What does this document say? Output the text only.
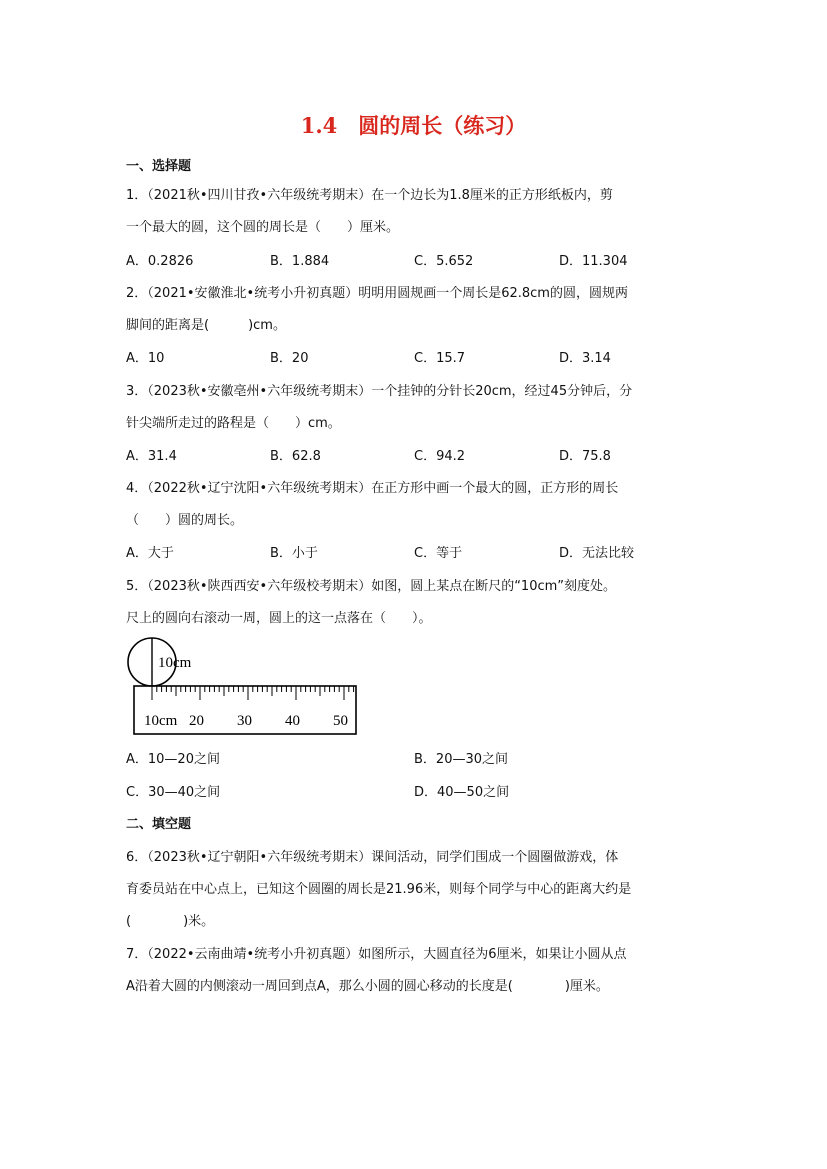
1.4　圆的周长（练习）
一、选择题
1．（2021秋•四川甘孜•六年级统考期末）在一个边长为1.8厘米的正方形纸板内，剪
一个最大的圆，这个圆的周长是（　　）厘米。
A．0.2826	B．1.884	C．5.652	D．11.304
2．（2021•安徽淮北•统考小升初真题）明明用圆规画一个周长是62.8cm的圆，圆规两
脚间的距离是(　　　)cm。
A．10	B．20	C．15.7	D．3.14
3．（2023秋•安徽亳州•六年级统考期末）一个挂钟的分针长20cm，经过45分钟后，分
针尖端所走过的路程是（　　）cm。
A．31.4	B．62.8	C．94.2	D．75.8
4．（2022秋•辽宁沈阳•六年级统考期末）在正方形中画一个最大的圆，正方形的周长
（　　）圆的周长。
A．大于	B．小于	C．等于	D．无法比较
5．（2023秋•陕西西安•六年级校考期末）如图，圆上某点在断尺的“10cm”刻度处。
尺上的圆向右滚动一周，圆上的这一点落在（　　）。
10cm
10cm 20 30 40 50
A．10—20之间	B．20—30之间
C．30—40之间	D．40—50之间
二、填空题
6．（2023秋•辽宁朝阳•六年级统考期末）课间活动，同学们围成一个圆圈做游戏，体
育委员站在中心点上，已知这个圆圈的周长是21.96米，则每个同学与中心的距离大约是
(　　　　)米。
7．（2022•云南曲靖•统考小升初真题）如图所示，大圆直径为6厘米，如果让小圆从点
A沿着大圆的内侧滚动一周回到点A，那么小圆的圆心移动的长度是(　　　　)厘米。
